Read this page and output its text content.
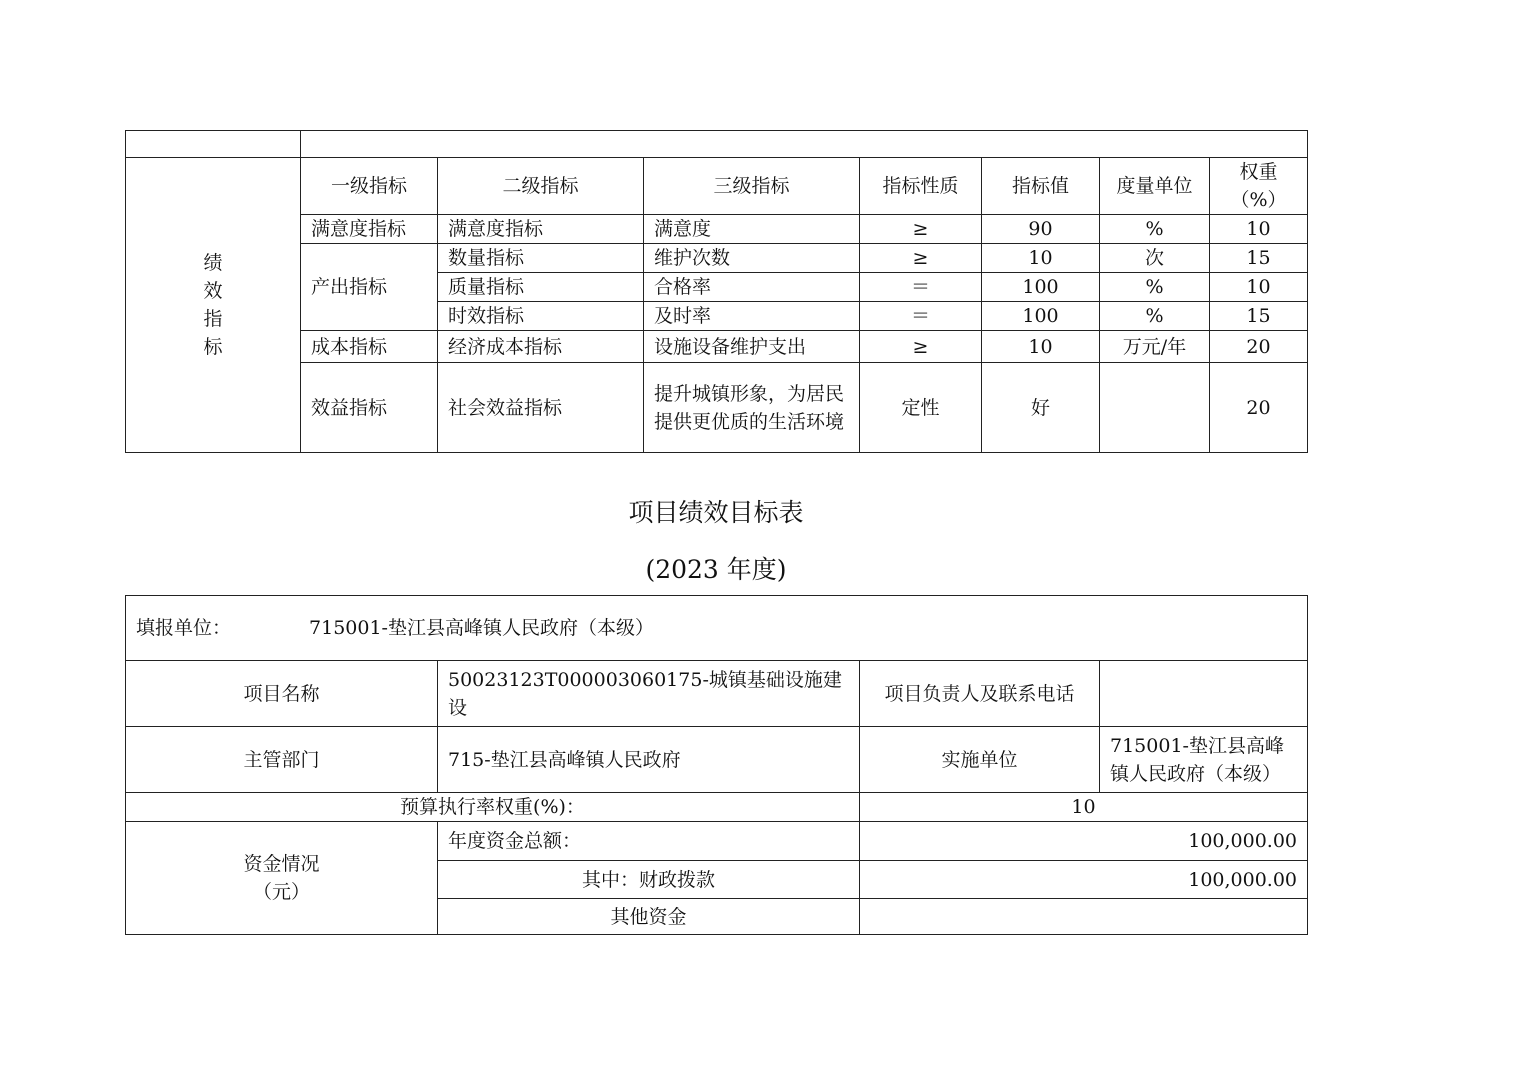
绩
效
指
标	一级指标	二级指标	三级指标	指标性质	指标值	度量单位	权重（%）
	满意度指标	满意度指标	满意度	≥	90	%	10
	产出指标	数量指标	维护次数	≥	10	次	15
		质量指标	合格率	＝	100	%	10
		时效指标	及时率	＝	100	%	15
	成本指标	经济成本指标	设施设备维护支出	≥	10	万元/年	20
	效益指标	社会效益指标	提升城镇形象，为居民提供更优质的生活环境	定性	好		20
项目绩效目标表
(2023 年度)
填报单位： 715001-垫江县高峰镇人民政府（本级）			
项目名称	50023123T000003060175-城镇基础设施建设	项目负责人及联系电话	
主管部门	715-垫江县高峰镇人民政府	实施单位	715001-垫江县高峰镇人民政府（本级）
预算执行率权重(%)：		10	

资金情况
（元）	年度资金总额：	100,000.00	
	其中：财政拨款	100,000.00	
	其他资金		
